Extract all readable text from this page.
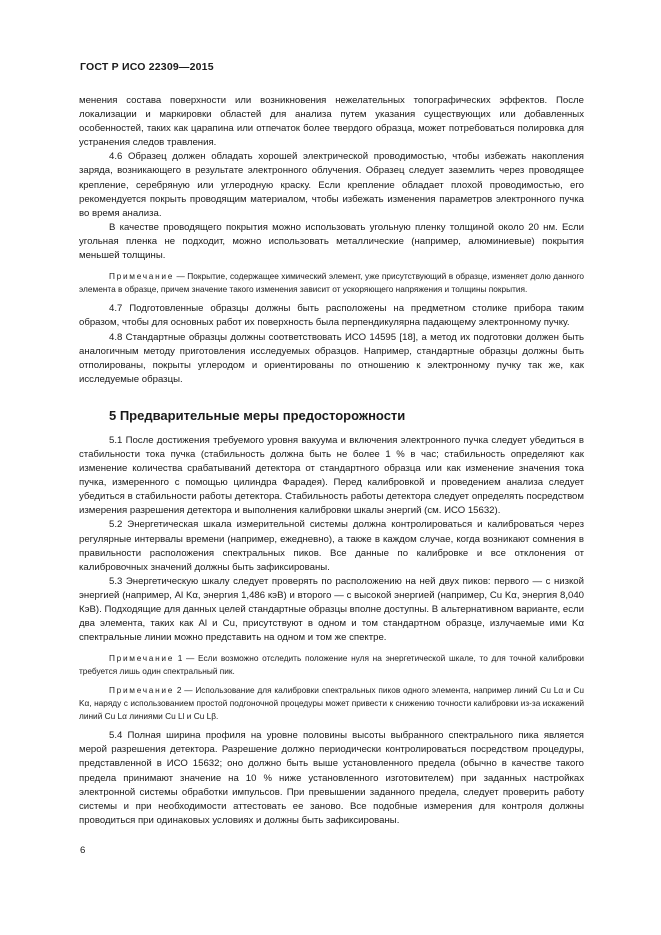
ГОСТ Р ИСО 22309—2015

менения состава поверхности или возникновения нежелательных топографических эффектов. После локализации и маркировки областей для анализа путем указания существующих или добавленных особенностей, таких как царапина или отпечаток более твердого образца, может потребоваться полировка для устранения следов травления.

4.6 Образец должен обладать хорошей электрической проводимостью, чтобы избежать накопления заряда, возникающего в результате электронного облучения. Образец следует заземлить через проводящее крепление, серебряную или углеродную краску. Если крепление обладает плохой проводимостью, его рекомендуется покрыть проводящим материалом, чтобы избежать изменения параметров электронного пучка во время анализа.

В качестве проводящего покрытия можно использовать угольную пленку толщиной около 20 нм. Если угольная пленка не подходит, можно использовать металлические (например, алюминиевые) покрытия меньшей толщины.

Примечание — Покрытие, содержащее химический элемент, уже присутствующий в образце, изменяет долю данного элемента в образце, причем значение такого изменения зависит от ускоряющего напряжения и толщины покрытия.

4.7 Подготовленные образцы должны быть расположены на предметном столике прибора таким образом, чтобы для основных работ их поверхность была перпендикулярна падающему электронному пучку.

4.8 Стандартные образцы должны соответствовать ИСО 14595 [18], а метод их подготовки должен быть аналогичным методу приготовления исследуемых образцов. Например, стандартные образцы должны быть отполированы, покрыты углеродом и ориентированы по отношению к электронному пучку так же, как исследуемые образцы.

5 Предварительные меры предосторожности

5.1 После достижения требуемого уровня вакуума и включения электронного пучка следует убедиться в стабильности тока пучка (стабильность должна быть не более 1 % в час; стабильность определяют как изменение количества срабатываний детектора от стандартного образца или как изменение значения тока пучка, измеренного с помощью цилиндра Фарадея). Перед калибровкой и проведением анализа следует убедиться в стабильности работы детектора. Стабильность работы детектора следует определять посредством измерения разрешения детектора и выполнения калибровки шкалы энергий (см. ИСО 15632).

5.2 Энергетическая шкала измерительной системы должна контролироваться и калиброваться через регулярные интервалы времени (например, ежедневно), а также в каждом случае, когда возникают сомнения в правильности расположения спектральных пиков. Все данные по калибровке и все отклонения от калибровочных значений должны быть зафиксированы.

5.3 Энергетическую шкалу следует проверять по расположению на ней двух пиков: первого — с низкой энергией (например, Al Kα, энергия 1,486 кэВ) и второго — с высокой энергией (например, Cu Kα, энергия 8,040 КэВ). Подходящие для данных целей стандартные образцы вполне доступны. В альтернативном варианте, если два элемента, таких как Al и Cu, присутствуют в одном и том стандартном образце, излучаемые ими Kα спектральные линии можно представить на одном и том же спектре.

Примечание 1 — Если возможно отследить положение нуля на энергетической шкале, то для точной калибровки требуется лишь один спектральный пик.

Примечание 2 — Использование для калибровки спектральных пиков одного элемента, например линий Cu Lα и Cu Kα, наряду с использованием простой подгоночной процедуры может привести к снижению точности калибровки из-за искажений линий Cu Lα линиями Cu Ll и Cu Lβ.

5.4 Полная ширина профиля на уровне половины высоты выбранного спектрального пика является мерой разрешения детектора. Разрешение должно периодически контролироваться посредством процедуры, представленной в ИСО 15632; оно должно быть выше установленного предела (обычно в качестве такого предела принимают значение на 10 % ниже установленного изготовителем) при заданных настройках электронной системы обработки импульсов. При превышении заданного предела, следует проверить работу системы и при необходимости аттестовать ее заново. Все подобные измерения для контроля должны проводиться при одинаковых условиях и должны быть зафиксированы.

6
